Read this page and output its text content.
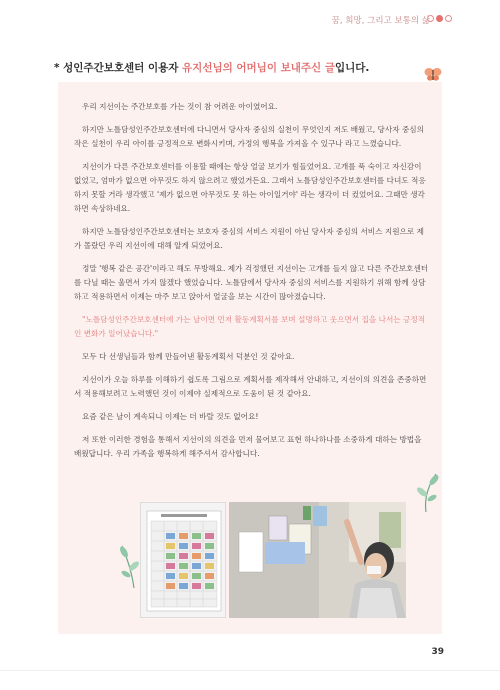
꿈, 희망, 그리고 보통의 삶
* 성인주간보호센터 이용자 유지선님의 어머님이 보내주신 글입니다.

우리 지선이는 주간보호를 가는 것이 참 어려운 아이였어요.

하지만 노틀담성인주간보호센터에 다니면서 당사자 중심의 실천이 무엇인지 저도 배웠고, 당사자 중심의 작은 실천이 우리 아이를 긍정적으로 변화시키며, 가정의 행복을 가져올 수 있구나 라고 느꼈습니다.

지선이가 다른 주간보호센터를 이용할 때에는 항상 얼굴 보기가 힘들었어요. 고개를 푹 숙이고 자신감이 없었고, 엄마가 없으면 아무것도 하지 않으려고 했었거든요. 그래서 노틀담성인주간보호센터를 다녀도 적응하지 못할 거라 생각했고 '제가 없으면 아무것도 못 하는 아이일거야' 라는 생각이 더 컸었어요. 그때만 생각하면 속상하네요.

하지만 노틀담성인주간보호센터는 보호자 중심의 서비스 지원이 아닌 당사자 중심의 서비스 지원으로 제가 몰랐던 우리 지선이에 대해 알게 되었어요.

정말 '행복 같은 공간'이라고 해도 무방해요. 제가 걱정했던 지선이는 고개를 들지 않고 다른 주간보호센터를 다닐 때는 울면서 가지 않겠다 했었습니다. 노틀담에서 당사자 중심의 서비스를 지원하기 위해 함께 상담하고 적용하면서 이제는 마주 보고 앉아서 얼굴을 보는 시간이 많아졌습니다.

"노틀담성인주간보호센터에 가는 날이면 먼저 활동계획서를 보며 설명하고 웃으면서 집을 나서는 긍정적인 변화가 일어났습니다."

모두 다 선생님들과 함께 만들어낸 활동계획서 덕분인 것 같아요.

지선이가 오늘 하루를 이해하기 쉽도록 그림으로 계획서를 제작해서 안내하고, 지선이의 의견을 존중하면서 적용해보려고 노력했던 것이 이제야 실제적으로 도움이 된 것 같아요.

요즘 같은 날이 계속되니 이제는 더 바랄 것도 없어요!

저 또한 이러한 경험을 통해서 지선이의 의견을 먼저 물어보고 표현 하나하나를 소중하게 대하는 방법을 배웠답니다. 우리 가족을 행복하게 해주셔서 감사합니다.

39
